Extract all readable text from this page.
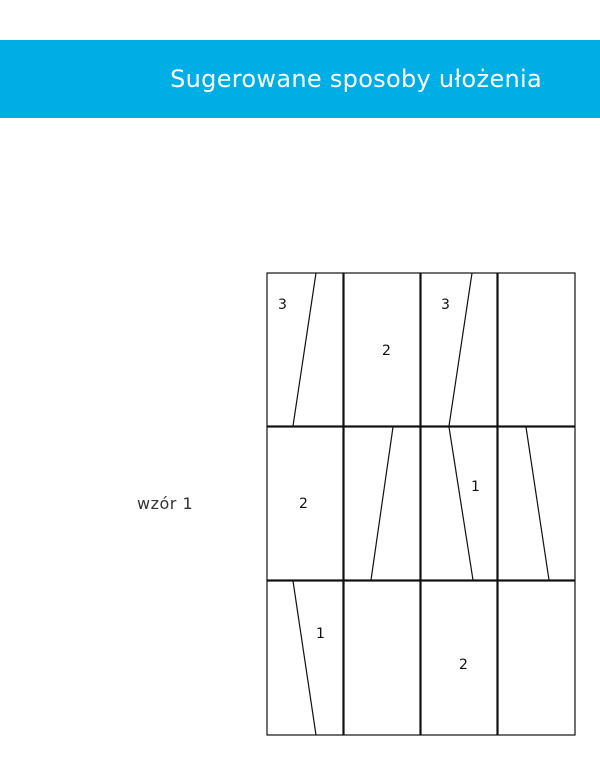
Sugerowane sposoby ułożenia
wzór 1
3
2
3
2
1
1
2
